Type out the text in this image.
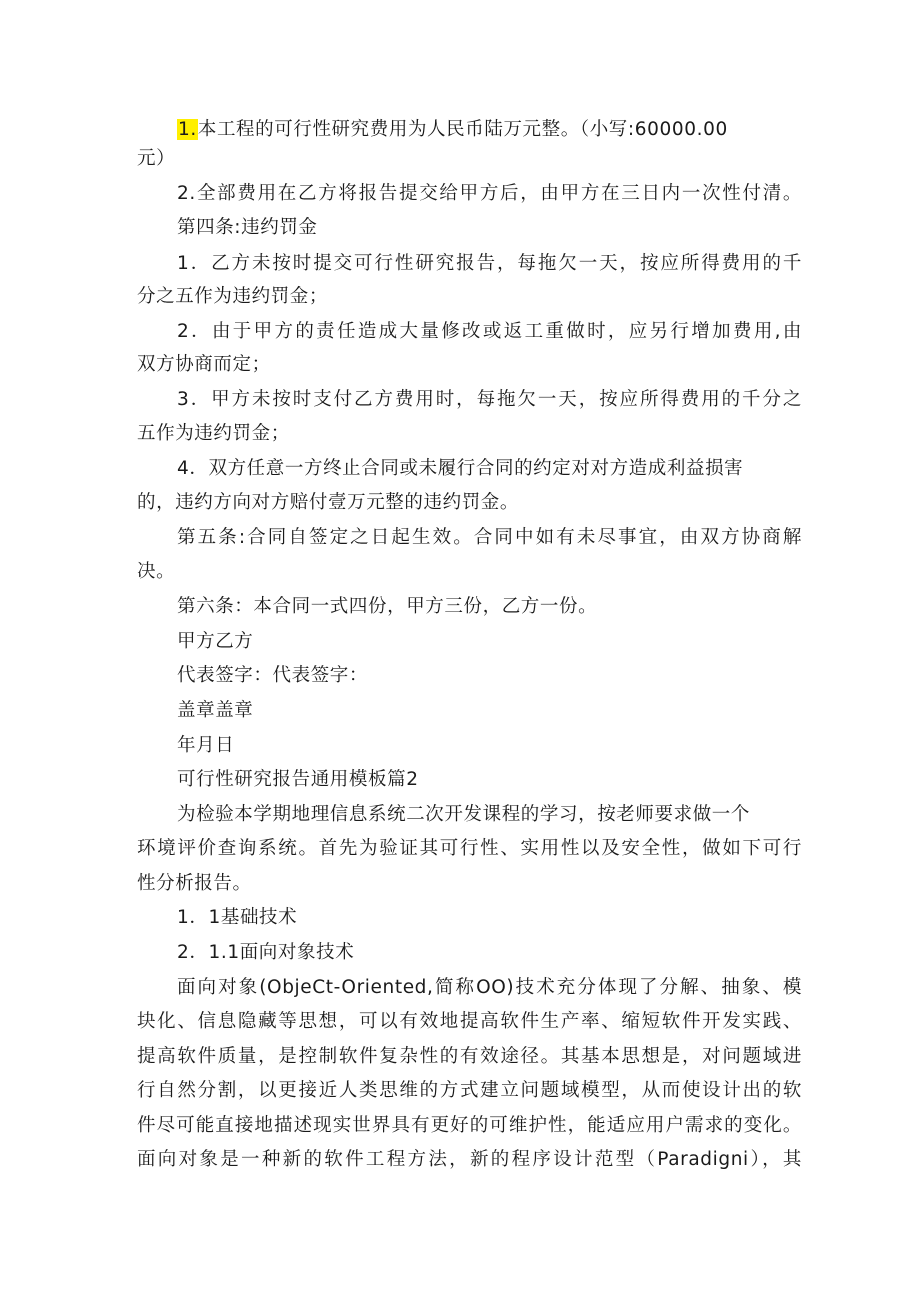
1.本工程的可行性研究费用为人民币陆万元整。（小写:60000.00
元）
2.全部费用在乙方将报告提交给甲方后，由甲方在三日内一次性付清。
第四条:违约罚金
1．乙方未按时提交可行性研究报告，每拖欠一天，按应所得费用的千
分之五作为违约罚金；
2．由于甲方的责任造成大量修改或返工重做时，应另行增加费用,由
双方协商而定；
3．甲方未按时支付乙方费用时，每拖欠一天，按应所得费用的千分之
五作为违约罚金；
4．双方任意一方终止合同或未履行合同的约定对对方造成利益损害
的，违约方向对方赔付壹万元整的违约罚金。
第五条:合同自签定之日起生效。合同中如有未尽事宜，由双方协商解
决。
第六条：本合同一式四份，甲方三份，乙方一份。
甲方乙方
代表签字：代表签字：
盖章盖章
年月日
可行性研究报告通用模板篇2
为检验本学期地理信息系统二次开发课程的学习，按老师要求做一个
环境评价查询系统。首先为验证其可行性、实用性以及安全性，做如下可行
性分析报告。
1．1基础技术
2．1.1面向对象技术
面向对象(ObjeCt-Oriented,简称OO)技术充分体现了分解、抽象、模
块化、信息隐藏等思想，可以有效地提高软件生产率、缩短软件开发实践、
提高软件质量，是控制软件复杂性的有效途径。其基本思想是，对问题域进
行自然分割，以更接近人类思维的方式建立问题域模型，从而使设计出的软
件尽可能直接地描述现实世界具有更好的可维护性，能适应用户需求的变化。
面向对象是一种新的软件工程方法，新的程序设计范型（Paradigni），其
